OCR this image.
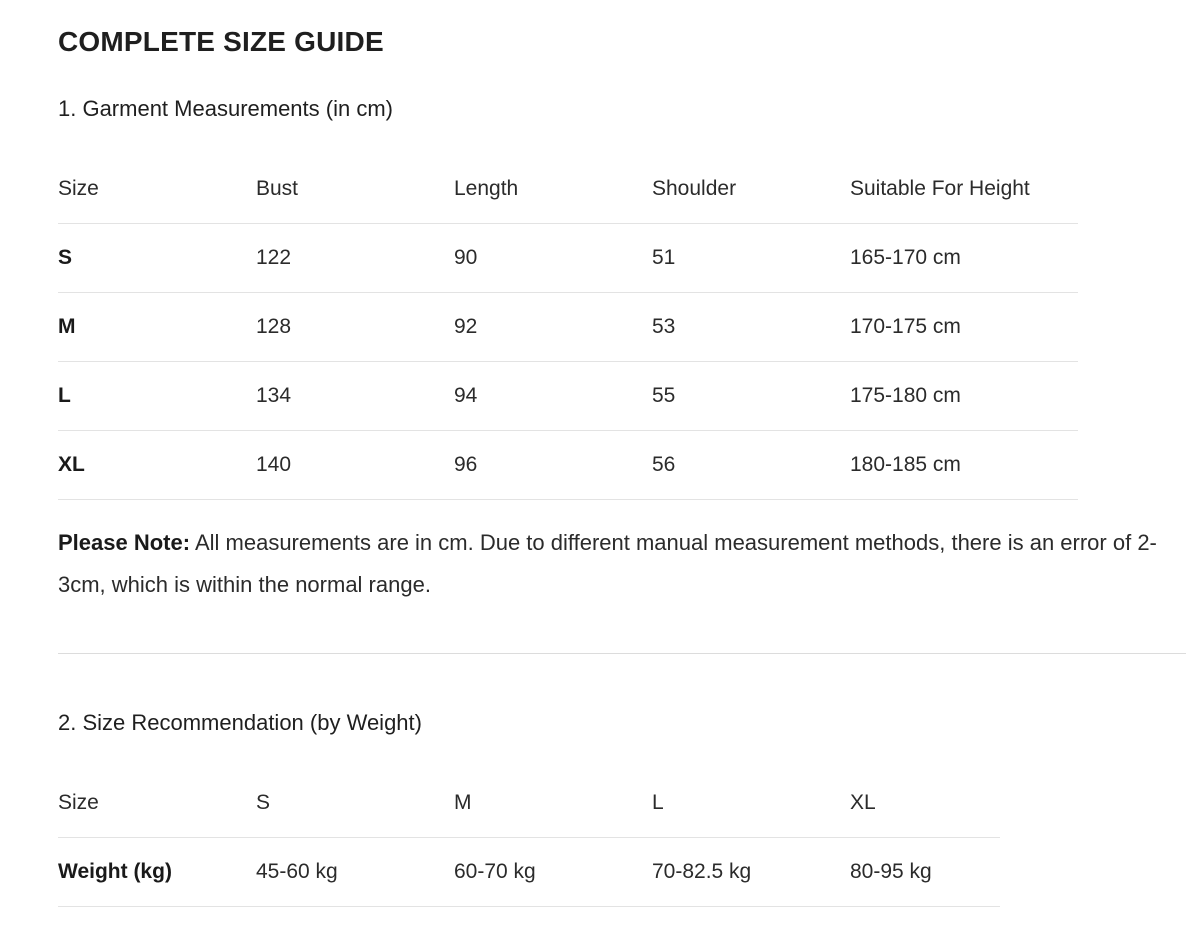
COMPLETE SIZE GUIDE
1. Garment Measurements (in cm)
Size	Bust	Length	Shoulder	Suitable For Height
S	122	90	51	165-170 cm
M	128	92	53	170-175 cm
L	134	94	55	175-180 cm
XL	140	96	56	180-185 cm

Please Note: All measurements are in cm. Due to different manual measurement methods, there is an error of 2-3cm, which is within the normal range.

2. Size Recommendation (by Weight)
Size	S	M	L	XL
Weight (kg)	45-60 kg	60-70 kg	70-82.5 kg	80-95 kg
